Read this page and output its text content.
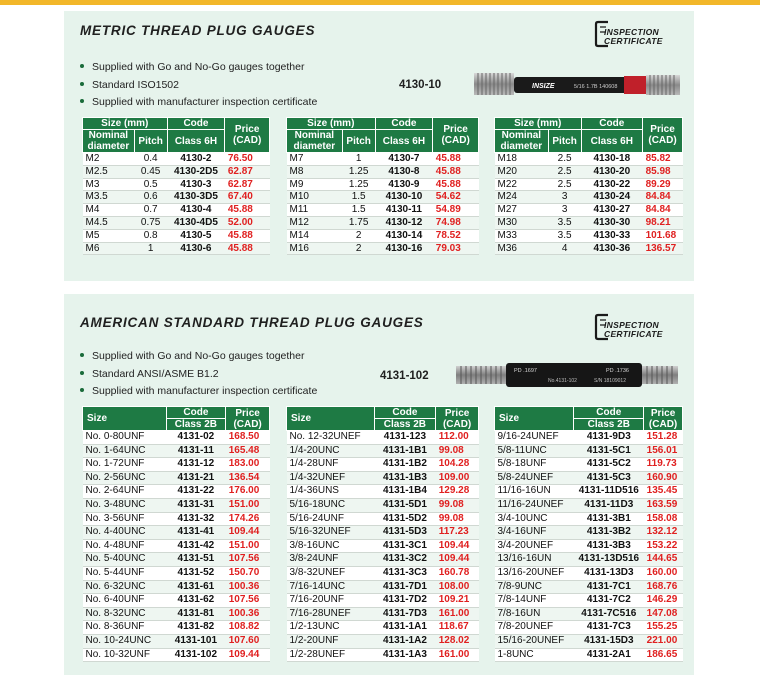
METRIC THREAD PLUG GAUGES	INSPECTION
CERTIFICATE
Supplied with Go and No-Go gauges together
Standard ISO1502
Supplied with manufacturer inspection certificate
4130-10	INSIZE	5/16 1.7B 140608
Size (mm)		Code	Price (CAD)
Nominal diameter	Pitch	Class 6H	
M2	0.4	4130-2	76.50
M2.5	0.45	4130-2D5	62.87
M3	0.5	4130-3	62.87
M3.5	0.6	4130-3D5	67.40
M4	0.7	4130-4	45.88
M4.5	0.75	4130-4D5	52.00
M5	0.8	4130-5	45.88
M6	1	4130-6	45.88
Size (mm)		Code	Price (CAD)
Nominal diameter	Pitch	Class 6H	
M7	1	4130-7	45.88
M8	1.25	4130-8	45.88
M9	1.25	4130-9	45.88
M10	1.5	4130-10	54.62
M11	1.5	4130-11	54.89
M12	1.75	4130-12	74.98
M14	2	4130-14	78.52
M16	2	4130-16	79.03
Size (mm)		Code	Price (CAD)
Nominal diameter	Pitch	Class 6H	
M18	2.5	4130-18	85.82
M20	2.5	4130-20	85.98
M22	2.5	4130-22	89.29
M24	3	4130-24	84.84
M27	3	4130-27	84.84
M30	3.5	4130-30	98.21
M33	3.5	4130-33	101.68
M36	4	4130-36	136.57
AMERICAN STANDARD THREAD PLUG GAUGES	INSPECTION
CERTIFICATE
Supplied with Go and No-Go gauges together
Standard ANSI/ASME B1.2
Supplied with manufacturer inspection certificate
4131-102	PD .1697	PD .1736
No.4131-102	S/N 18109012
Size	Code	Price (CAD)
	Class 2B	
No. 0-80UNF	4131-02	168.50
No. 1-64UNC	4131-11	165.48
No. 1-72UNF	4131-12	183.00
No. 2-56UNC	4131-21	136.54
No. 2-64UNF	4131-22	176.00
No. 3-48UNC	4131-31	151.00
No. 3-56UNF	4131-32	174.26
No. 4-40UNC	4131-41	109.44
No. 4-48UNF	4131-42	151.00
No. 5-40UNC	4131-51	107.56
No. 5-44UNF	4131-52	150.70
No. 6-32UNC	4131-61	100.36
No. 6-40UNF	4131-62	107.56
No. 8-32UNC	4131-81	100.36
No. 8-36UNF	4131-82	108.82
No. 10-24UNC	4131-101	107.60
No. 10-32UNF	4131-102	109.44
Size	Code	Price (CAD)
	Class 2B	
No. 12-32UNEF	4131-123	112.00
1/4-20UNC	4131-1B1	99.08
1/4-28UNF	4131-1B2	104.28
1/4-32UNEF	4131-1B3	109.00
1/4-36UNS	4131-1B4	129.28
5/16-18UNC	4131-5D1	99.08
5/16-24UNF	4131-5D2	99.08
5/16-32UNEF	4131-5D3	117.23
3/8-16UNC	4131-3C1	109.44
3/8-24UNF	4131-3C2	109.44
3/8-32UNEF	4131-3C3	160.78
7/16-14UNC	4131-7D1	108.00
7/16-20UNF	4131-7D2	109.21
7/16-28UNEF	4131-7D3	161.00
1/2-13UNC	4131-1A1	118.67
1/2-20UNF	4131-1A2	128.02
1/2-28UNEF	4131-1A3	161.00
Size	Code	Price (CAD)
	Class 2B	
9/16-24UNEF	4131-9D3	151.28
5/8-11UNC	4131-5C1	156.01
5/8-18UNF	4131-5C2	119.73
5/8-24UNEF	4131-5C3	160.90
11/16-16UN	4131-11D516	135.45
11/16-24UNEF	4131-11D3	163.59
3/4-10UNC	4131-3B1	158.08
3/4-16UNF	4131-3B2	132.12
3/4-20UNEF	4131-3B3	153.22
13/16-16UN	4131-13D516	144.65
13/16-20UNEF	4131-13D3	160.00
7/8-9UNC	4131-7C1	168.76
7/8-14UNF	4131-7C2	146.29
7/8-16UN	4131-7C516	147.08
7/8-20UNEF	4131-7C3	155.25
15/16-20UNEF	4131-15D3	221.00
1-8UNC	4131-2A1	186.65
